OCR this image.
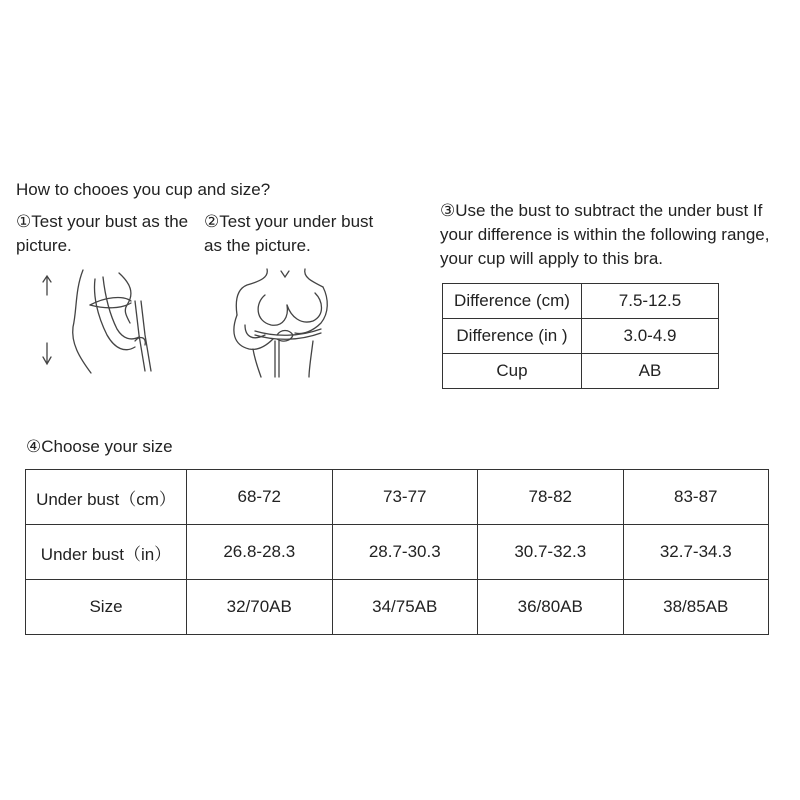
How to chooes you cup and size?
①Test your bust as the picture.
②Test your under bust as the picture.
③Use the bust to subtract the under bust If your difference is within the following range, your cup will apply to this bra.
Difference (cm)	7.5-12.5
Difference (in )	3.0-4.9
Cup	AB
④Choose your size
Under bust（cm）	68-72	73-77	78-82	83-87
Under bust（in）	26.8-28.3	28.7-30.3	30.7-32.3	32.7-34.3
Size	32/70AB	34/75AB	36/80AB	38/85AB
